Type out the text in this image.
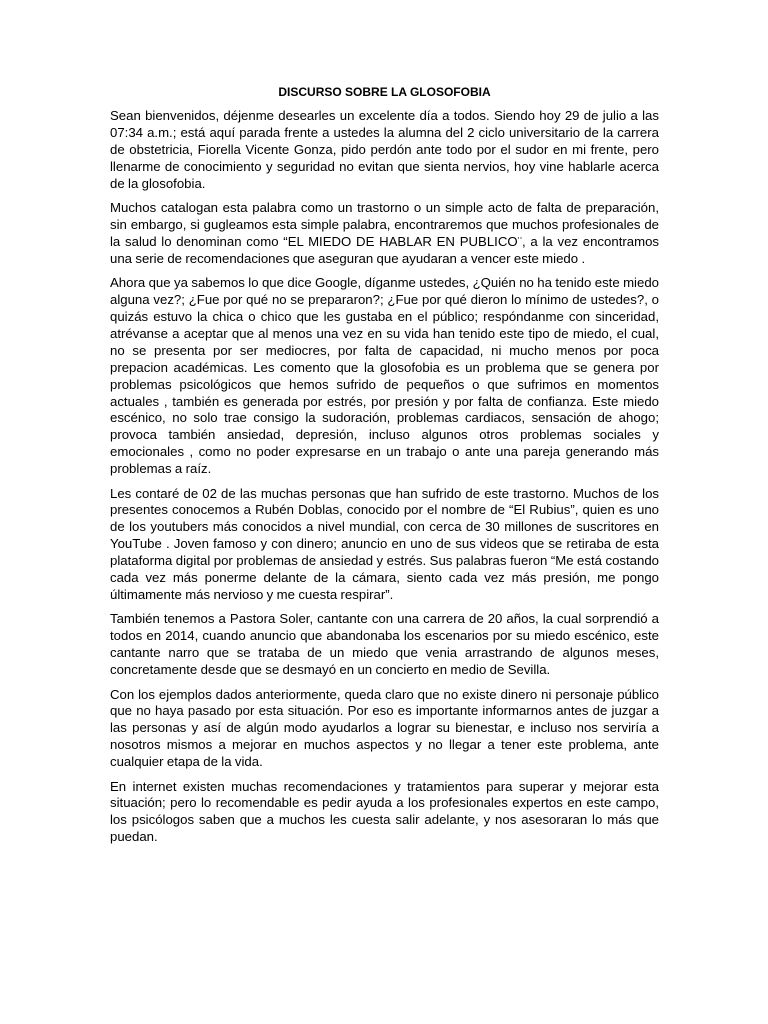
DISCURSO SOBRE LA GLOSOFOBIA

Sean bienvenidos, déjenme desearles un excelente día a todos. Siendo hoy 29 de julio a las 07:34 a.m.; está aquí parada frente a ustedes la alumna del 2 ciclo universitario de la carrera de obstetricia, Fiorella Vicente Gonza, pido perdón ante todo por el sudor en mi frente, pero llenarme de conocimiento y seguridad no evitan que sienta nervios, hoy vine hablarle acerca de la glosofobia.

Muchos catalogan esta palabra como un trastorno o un simple acto de falta de preparación, sin embargo, si gugleamos esta simple palabra, encontraremos que muchos profesionales de la salud lo denominan como “EL MIEDO DE HABLAR EN PUBLICO¨, a la vez encontramos una serie de recomendaciones que aseguran que ayudaran a vencer este miedo .

Ahora que ya sabemos lo que dice Google, díganme ustedes, ¿Quién no ha tenido este miedo alguna vez?; ¿Fue por qué no se prepararon?; ¿Fue por qué dieron lo mínimo de ustedes?, o quizás estuvo la chica o chico que les gustaba en el público; respóndanme con sinceridad, atrévanse a aceptar que al menos una vez en su vida han tenido este tipo de miedo, el cual, no se presenta por ser mediocres, por falta de capacidad, ni mucho menos por poca prepacion académicas. Les comento que la glosofobia es un problema que se genera por problemas psicológicos que hemos sufrido de pequeños o que sufrimos en momentos actuales , también es generada por estrés, por presión y por falta de confianza. Este miedo escénico, no solo trae consigo la sudoración, problemas cardiacos, sensación de ahogo; provoca también ansiedad, depresión, incluso algunos otros problemas sociales y emocionales , como no poder expresarse en un trabajo o ante una pareja generando más problemas a raíz.

Les contaré de 02 de las muchas personas que han sufrido de este trastorno. Muchos de los presentes conocemos a Rubén Doblas, conocido por el nombre de “El Rubius”, quien es uno de los youtubers más conocidos a nivel mundial, con cerca de 30 millones de suscritores en YouTube . Joven famoso y con dinero; anuncio en uno de sus videos que se retiraba de esta plataforma digital por problemas de ansiedad y estrés. Sus palabras fueron “Me está costando cada vez más ponerme delante de la cámara, siento cada vez más presión, me pongo últimamente más nervioso y me cuesta respirar”.

También tenemos a Pastora Soler, cantante con una carrera de 20 años, la cual sorprendió a todos en 2014, cuando anuncio que abandonaba los escenarios por su miedo escénico, este cantante narro que se trataba de un miedo que venia arrastrando de algunos meses, concretamente desde que se desmayó en un concierto en medio de Sevilla.

Con los ejemplos dados anteriormente, queda claro que no existe dinero ni personaje público que no haya pasado por esta situación. Por eso es importante informarnos antes de juzgar a las personas y así de algún modo ayudarlos a lograr su bienestar, e incluso nos serviría a nosotros mismos a mejorar en muchos aspectos y no llegar a tener este problema, ante cualquier etapa de la vida.

En internet existen muchas recomendaciones y tratamientos para superar y mejorar esta situación; pero lo recomendable es pedir ayuda a los profesionales expertos en este campo, los psicólogos saben que a muchos les cuesta salir adelante, y nos asesoraran lo más que puedan.
